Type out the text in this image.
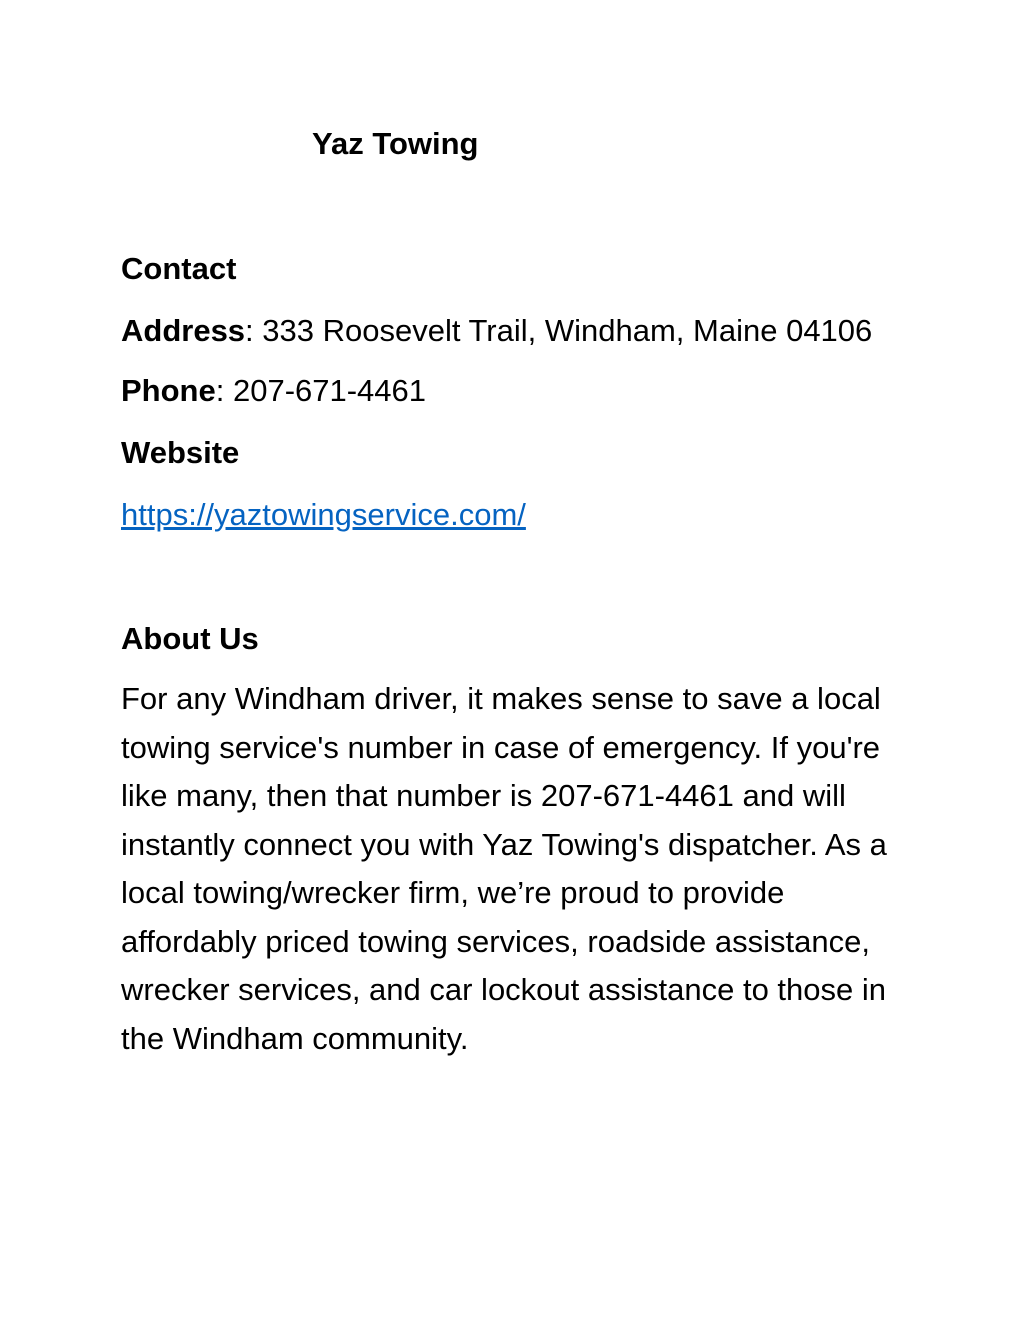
Yaz Towing

Contact

Address: 333 Roosevelt Trail, Windham, Maine 04106

Phone: 207-671-4461

Website

https://yaztowingservice.com/

About Us

For any Windham driver, it makes sense to save a local towing service's number in case of emergency. If you're like many, then that number is 207-671-4461 and will instantly connect you with Yaz Towing's dispatcher. As a local towing/wrecker firm, we’re proud to provide affordably priced towing services, roadside assistance, wrecker services, and car lockout assistance to those in the Windham community.
